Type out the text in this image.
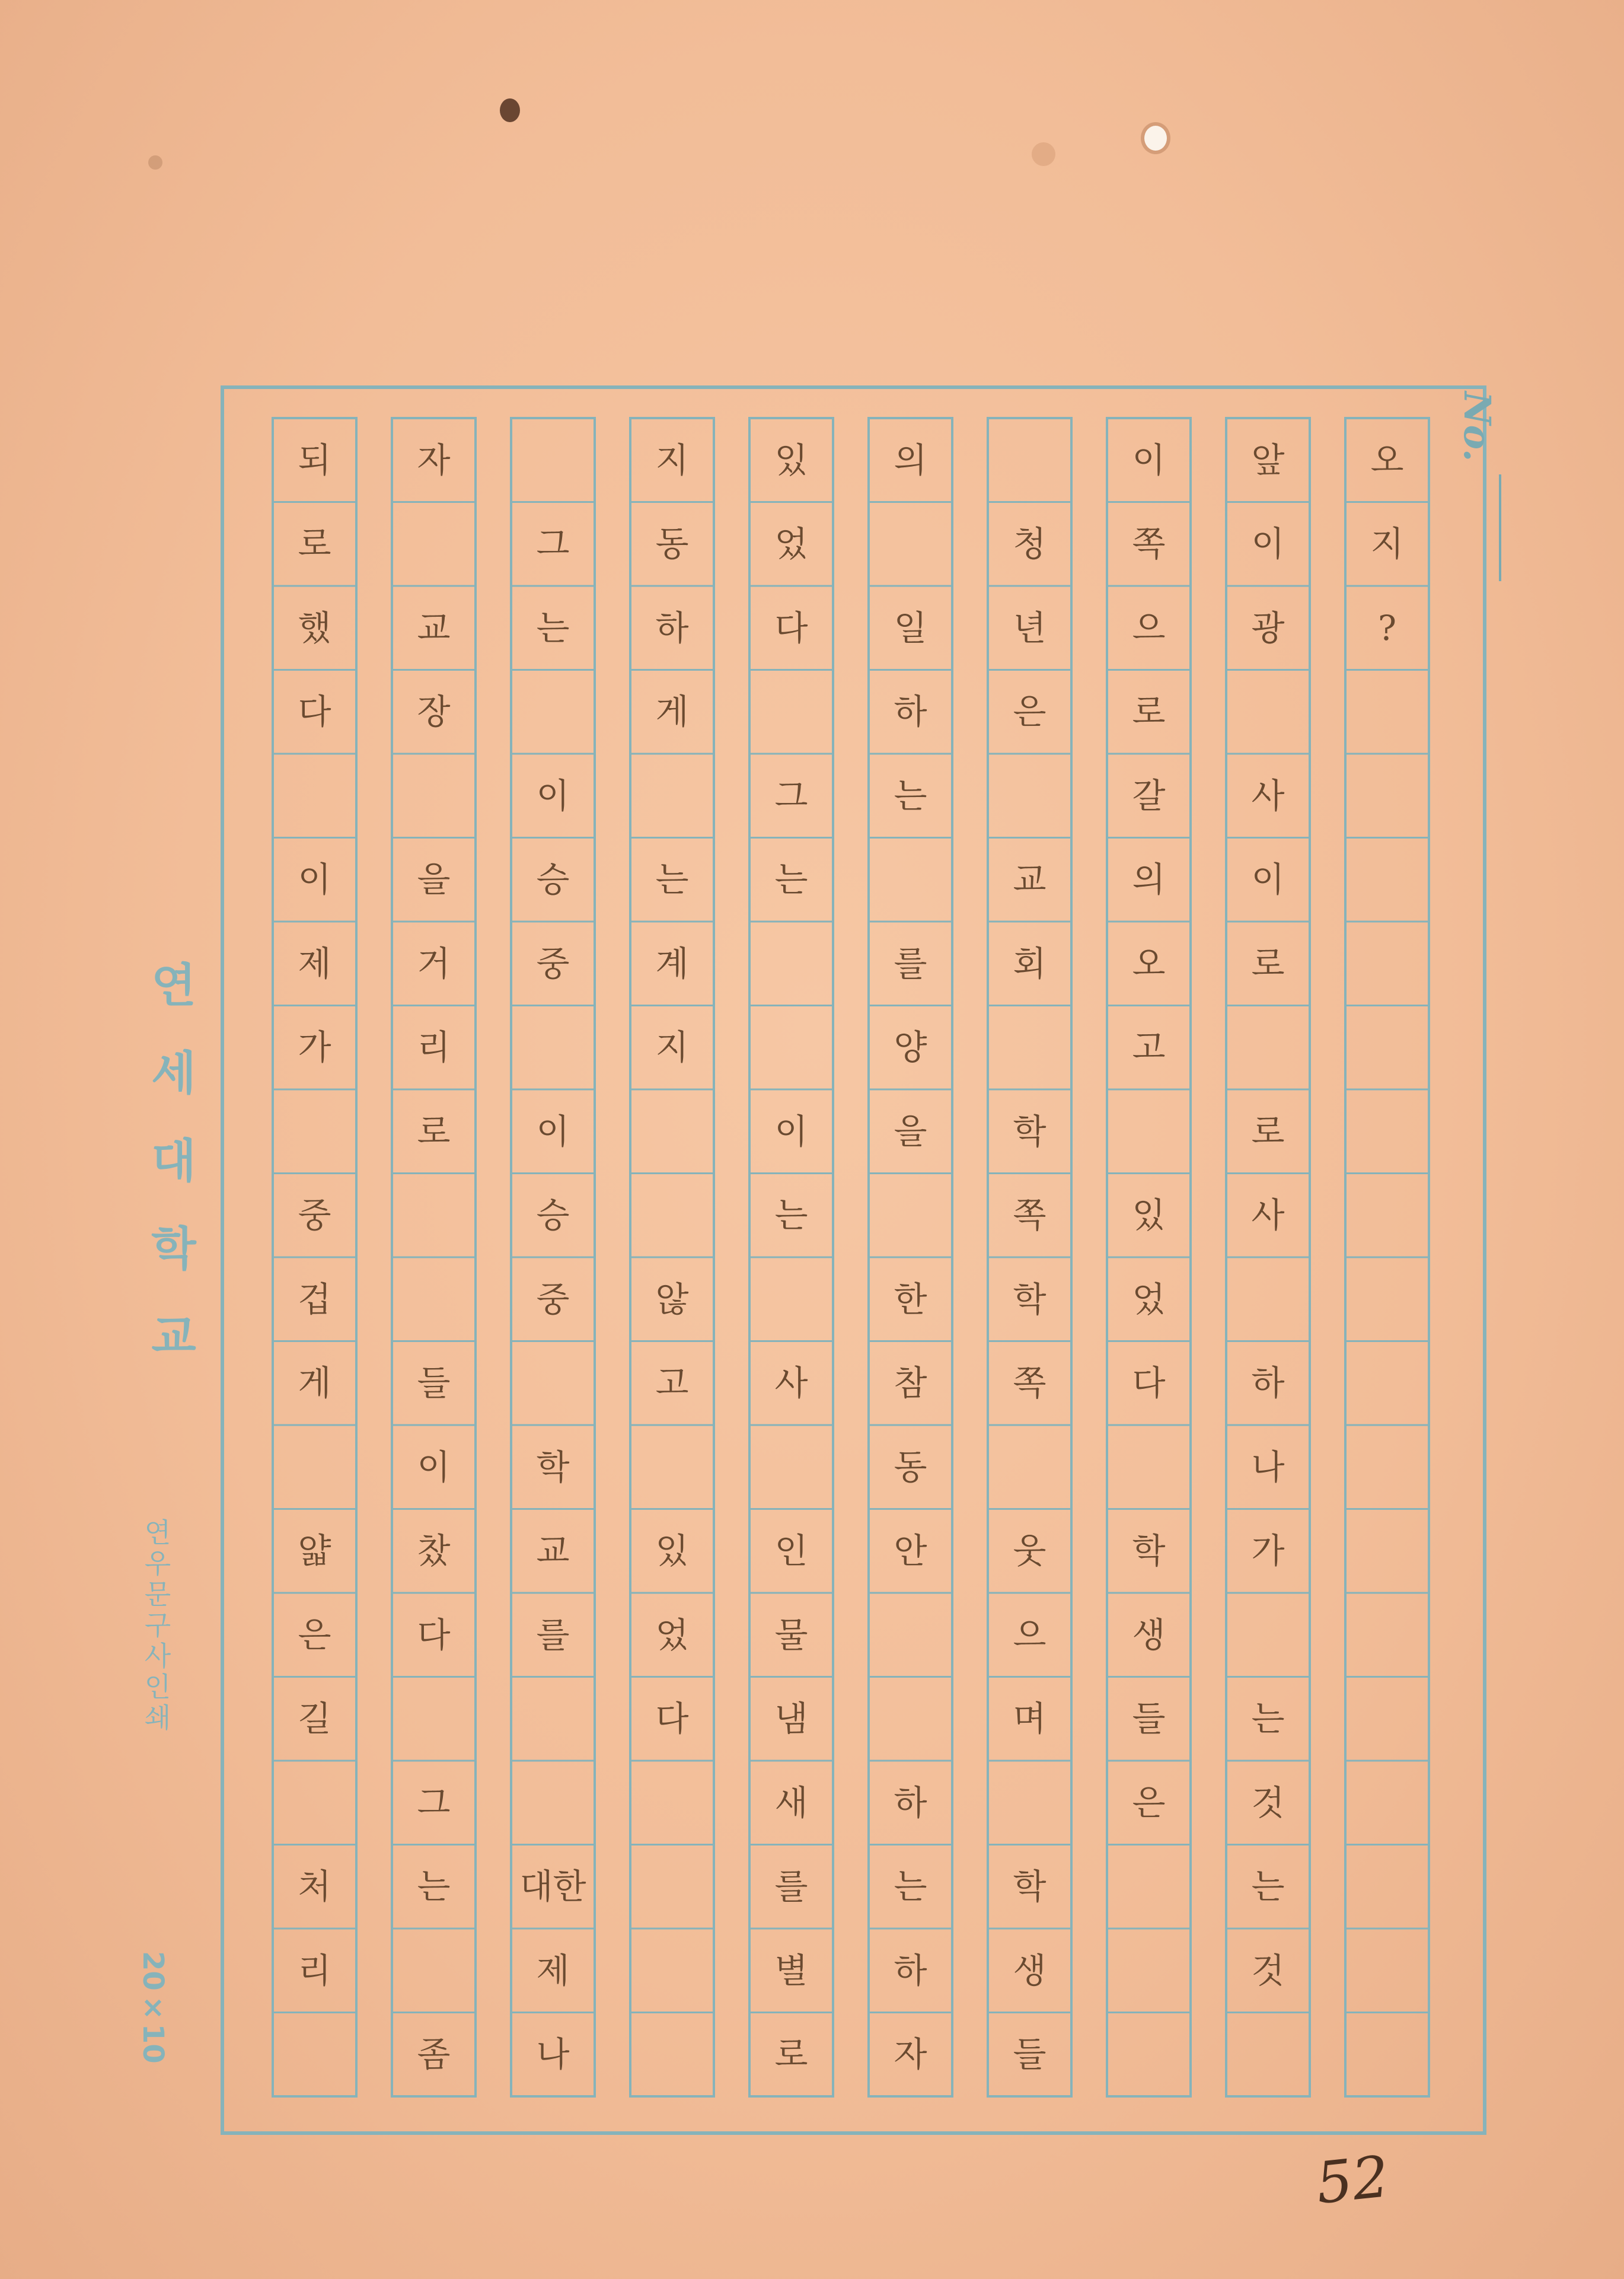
오
지
?
앞
이
광
사
이
로
로
사
하
나
가
는
것
는
것
이
쪽
으
로
갈
의
오
고
있
었
다
학
생
들
은
청
년
은
교
회
학
쪽
학
쪽
웃
으
며
학
생
들
의
일
하
는
를
양
을
한
참
동
안
하
는
하
자
있
었
다
그
는
이
는
사
인
물
냄
새
를
별
로
지
동
하
게
는
계
지
않
고
있
었
다
그
는
이
승
중
이
승
중
학
교
를
대한
제
나
자
교
장
을
거
리
로
들
이
찼
다
그
는
좀
되
로
했
다
이
제
가
중
겁
게
얇
은
길
처
리
No.
연세대학교
연우문구사인쇄
20×10
52
